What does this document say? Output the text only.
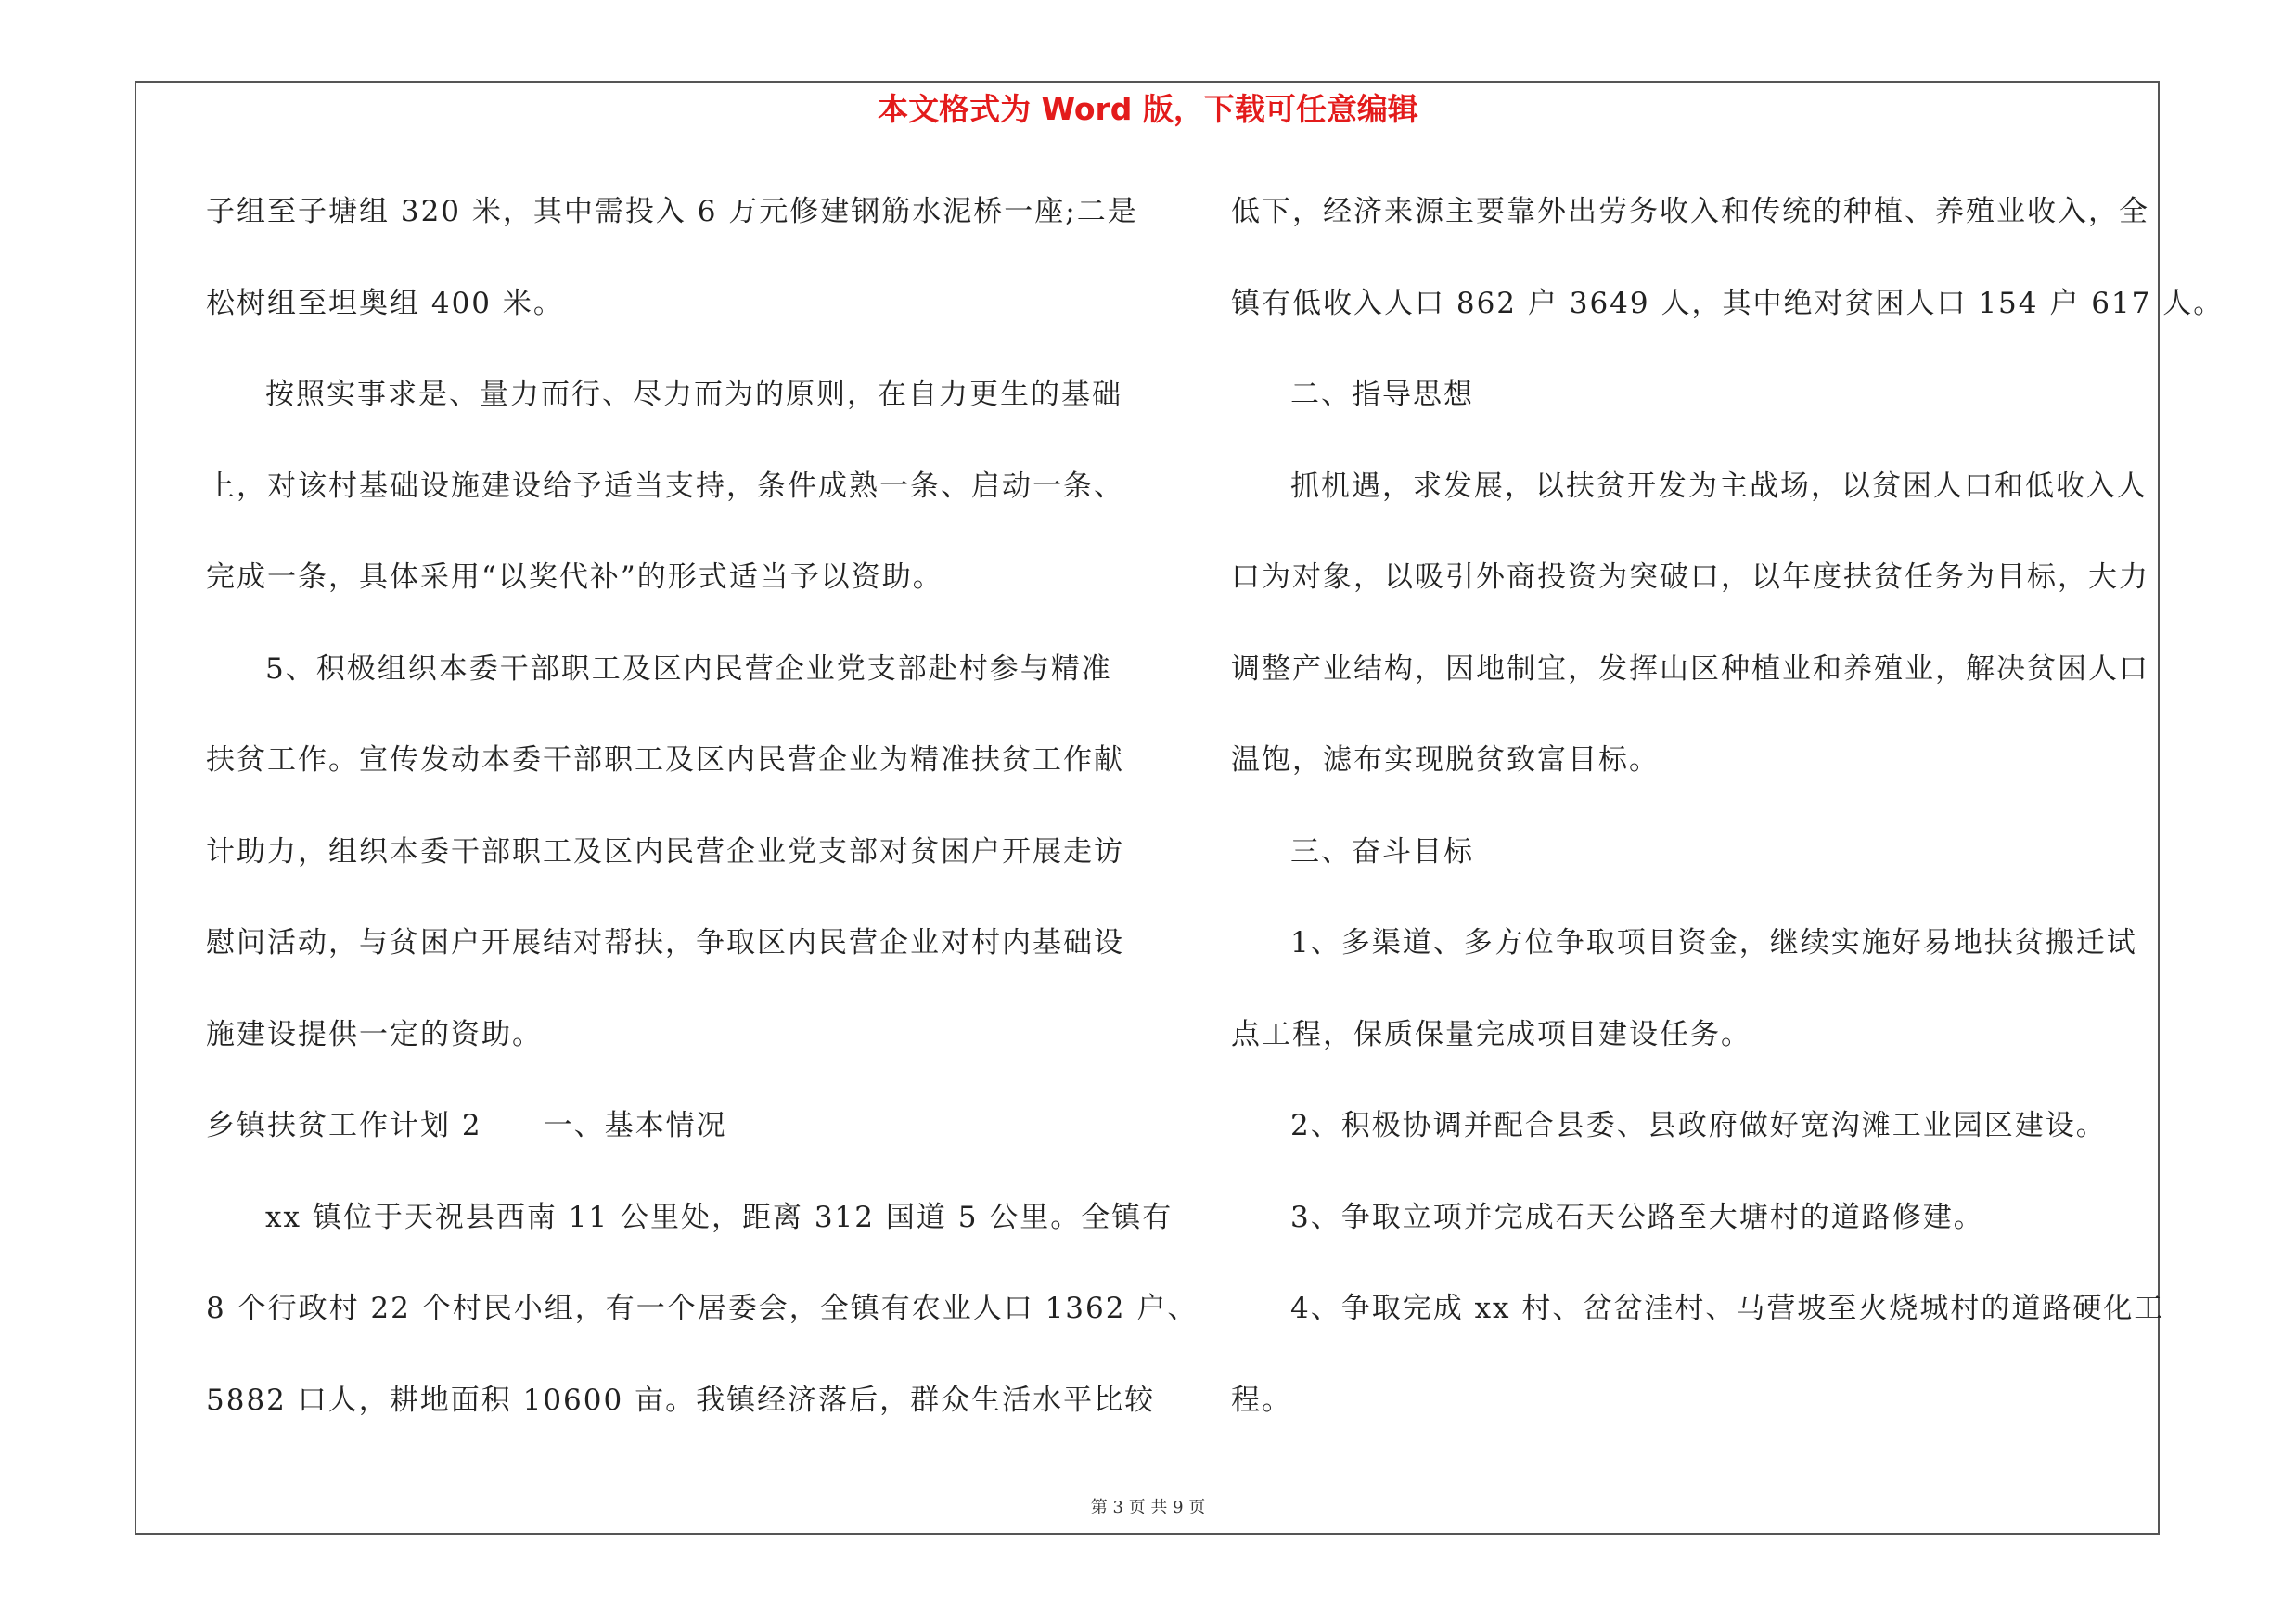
本文格式为 Word 版，下载可任意编辑
子组至子塘组 320 米，其中需投入 6 万元修建钢筋水泥桥一座;二是
松树组至坦奥组 400 米。
按照实事求是、量力而行、尽力而为的原则，在自力更生的基础
上，对该村基础设施建设给予适当支持，条件成熟一条、启动一条、
完成一条，具体采用“以奖代补”的形式适当予以资助。
5、积极组织本委干部职工及区内民营企业党支部赴村参与精准
扶贫工作。宣传发动本委干部职工及区内民营企业为精准扶贫工作献
计助力，组织本委干部职工及区内民营企业党支部对贫困户开展走访
慰问活动，与贫困户开展结对帮扶，争取区内民营企业对村内基础设
施建设提供一定的资助。
乡镇扶贫工作计划 2 一、基本情况
xx 镇位于天祝县西南 11 公里处，距离 312 国道 5 公里。全镇有
8 个行政村 22 个村民小组，有一个居委会，全镇有农业人口 1362 户、
5882 口人，耕地面积 10600 亩。我镇经济落后，群众生活水平比较
低下，经济来源主要靠外出劳务收入和传统的种植、养殖业收入，全
镇有低收入人口 862 户 3649 人，其中绝对贫困人口 154 户 617 人。
二、指导思想
抓机遇，求发展，以扶贫开发为主战场，以贫困人口和低收入人
口为对象，以吸引外商投资为突破口，以年度扶贫任务为目标，大力
调整产业结构，因地制宜，发挥山区种植业和养殖业，解决贫困人口
温饱，滤布实现脱贫致富目标。
三、奋斗目标
1、多渠道、多方位争取项目资金，继续实施好易地扶贫搬迁试
点工程，保质保量完成项目建设任务。
2、积极协调并配合县委、县政府做好宽沟滩工业园区建设。
3、争取立项并完成石天公路至大塘村的道路修建。
4、争取完成 xx 村、岔岔洼村、马营坡至火烧城村的道路硬化工
程。
第 3 页 共 9 页
